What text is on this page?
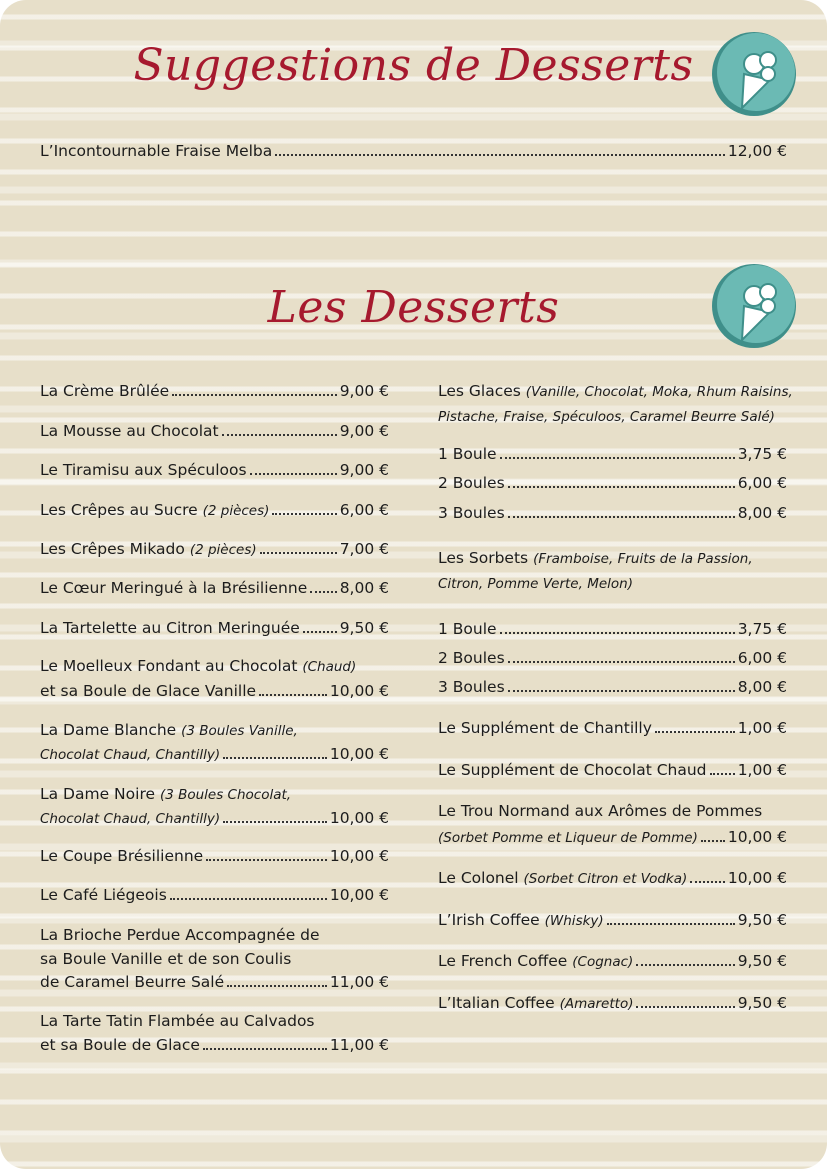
Suggestions de Desserts
L’Incontournable Fraise Melba	12,00 €
Les Desserts
La Crème Brûlée	9,00 €
La Mousse au Chocolat	9,00 €
Le Tiramisu aux Spéculoos	9,00 €
Les Crêpes au Sucre (2 pièces)	6,00 €
Les Crêpes Mikado (2 pièces)	7,00 €
Le Cœur Meringué à la Brésilienne 8,00 €
La Tartelette au Citron Meringuée	9,50 €
Le Moelleux Fondant au Chocolat (Chaud)
et sa Boule de Glace Vanille	10,00 €
La Dame Blanche (3 Boules Vanille,
Chocolat Chaud, Chantilly)	10,00 €
La Dame Noire (3 Boules Chocolat,
Chocolat Chaud, Chantilly)	10,00 €
Le Coupe Brésilienne	10,00 €
Le Café Liégeois	10,00 €
La Brioche Perdue Accompagnée de
sa Boule Vanille et de son Coulis
de Caramel Beurre Salé	11,00 €
La Tarte Tatin Flambée au Calvados
et sa Boule de Glace	11,00 €
Les Glaces (Vanille, Chocolat, Moka, Rhum Raisins,
Pistache, Fraise, Spéculoos, Caramel Beurre Salé)
1 Boule	3,75 €
2 Boules	6,00 €
3 Boules	8,00 €
Les Sorbets (Framboise, Fruits de la Passion,
Citron, Pomme Verte, Melon)
1 Boule	3,75 €
2 Boules	6,00 €
3 Boules	8,00 €
Le Supplément de Chantilly	1,00 €
Le Supplément de Chocolat Chaud 1,00 €
Le Trou Normand aux Arômes de Pommes
(Sorbet Pomme et Liqueur de Pomme) 10,00 €
Le Colonel (Sorbet Citron et Vodka)	10,00 €
L’Irish Coffee (Whisky)	9,50 €
Le French Coffee (Cognac)	9,50 €
L’Italian Coffee (Amaretto)	9,50 €
